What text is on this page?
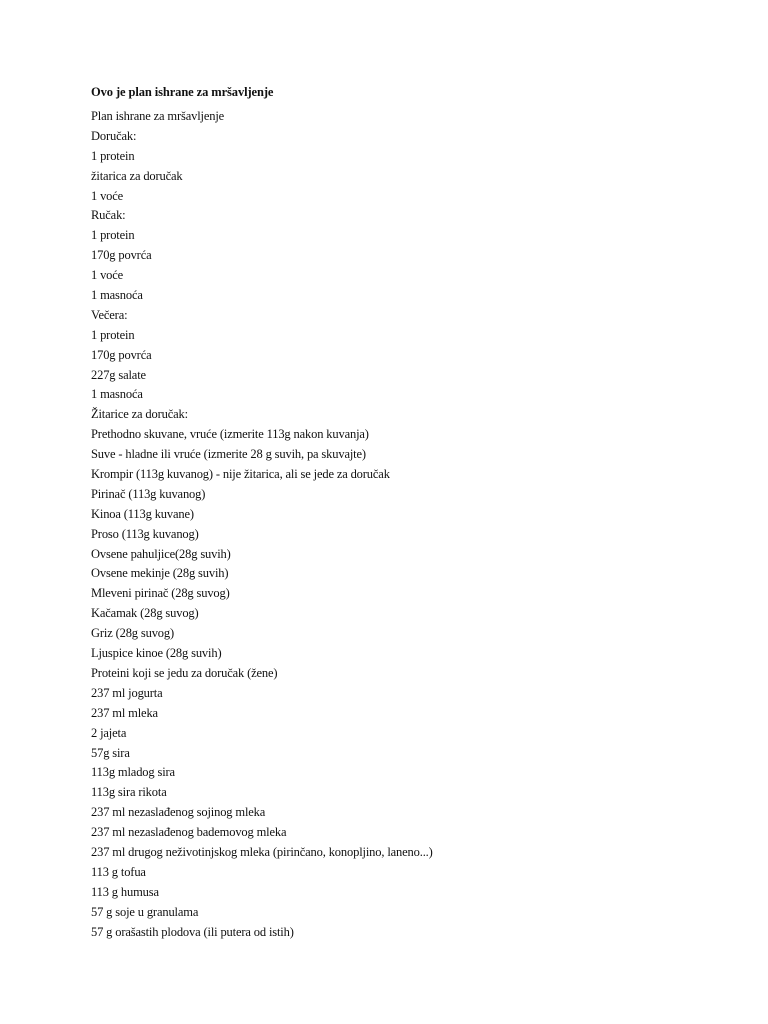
Ovo je plan ishrane za mršavljenje
Plan ishrane za mršavljenje
Doručak:
1 protein
žitarica za doručak
1 voće
Ručak:
1 protein
170g povrća
1 voće
1 masnoća
Večera:
1 protein
170g povrća
227g salate
1 masnoća
Žitarice za doručak:
Prethodno skuvane, vruće (izmerite 113g nakon kuvanja)
Suve - hladne ili vruće (izmerite 28 g suvih, pa skuvajte)
Krompir (113g kuvanog) - nije žitarica, ali se jede za doručak
Pirinač (113g kuvanog)
Kinoa (113g kuvane)
Proso (113g kuvanog)
Ovsene pahuljice(28g suvih)
Ovsene mekinje (28g suvih)
Mleveni pirinač (28g suvog)
Kačamak (28g suvog)
Griz (28g suvog)
Ljuspice kinoe (28g suvih)
Proteini koji se jedu za doručak (žene)
237 ml jogurta
237 ml mleka
2 jajeta
57g sira
113g mladog sira
113g sira rikota
237 ml nezaslađenog sojinog mleka
237 ml nezaslađenog bademovog mleka
237 ml drugog neživotinjskog mleka (pirinčano, konopljino, laneno...)
113 g tofua
113 g humusa
57 g soje u granulama
57 g orašastih plodova (ili putera od istih)
